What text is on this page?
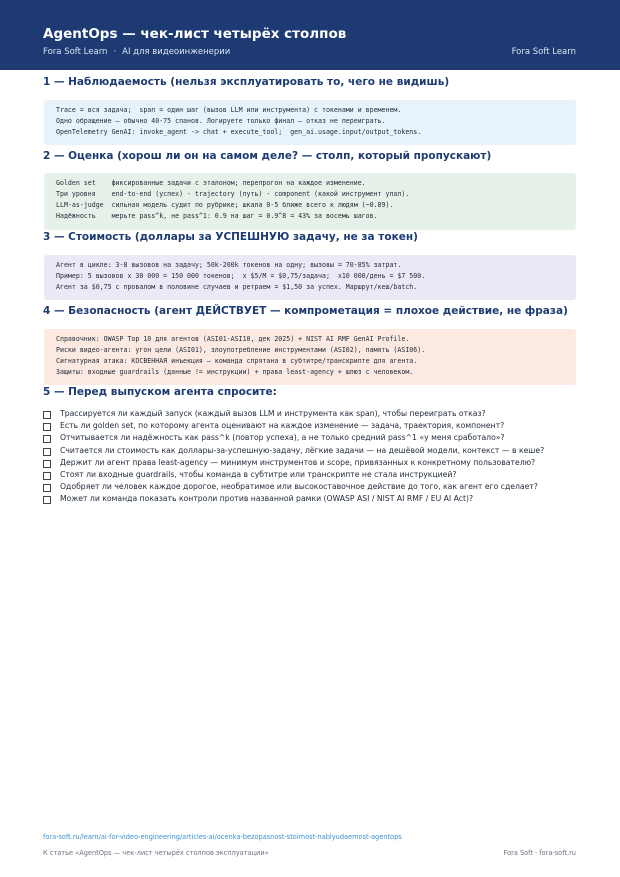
AgentOps — чек-лист четырёх столпов
Fora Soft Learn · AI для видеоинженерии	Fora Soft Learn
1 — Наблюдаемость (нельзя эксплуатировать то, чего не видишь)
Trace = вся задача;  span = один шаг (вызов LLM или инструмента) с токенами и временем.
Одно обращение — обычно 40-75 спанов. Логируете только финал — отказ не переиграть.
OpenTelemetry GenAI: invoke_agent -> chat + execute_tool;  gen_ai.usage.input/output_tokens.
2 — Оценка (хорош ли он на самом деле? — столп, который пропускают)
Golden set    фиксированные задачи с эталоном; перепрогон на каждое изменение.
Три уровня    end-to-end (успех) - trajectory (путь) - component (какой инструмент упал).
LLM-as-judge  сильная модель судит по рубрике; шкала 0-5 ближе всего к людям (~0.89).
Надёжность    мерьте pass^k, не pass^1: 0.9 на шаг = 0.9^8 = 43% за восемь шагов.
3 — Стоимость (доллары за УСПЕШНУЮ задачу, не за токен)
Агент в цикле: 3-8 вызовов на задачу; 50k-200k токенов на одну; вызовы = 70-85% затрат.
Пример: 5 вызовов x 30 000 = 150 000 токенов;  x $5/M = $0,75/задача;  x10 000/день = $7 500.
Агент за $0,75 с провалом в половине случаев и ретраем = $1,50 за успех. Маршрут/кеш/batch.
4 — Безопасность (агент ДЕЙСТВУЕТ — компрометация = плохое действие, не фраза)
Справочник: OWASP Top 10 для агентов (ASI01-ASI10, дек 2025) + NIST AI RMF GenAI Profile.
Риски видео-агента: угон цели (ASI01), злоупотребление инструментами (ASI02), память (ASI06).
Сигнатурная атака: КОСВЕННАЯ инъекция — команда спрятана в субтитре/транскрипте для агента.
Защиты: входные guardrails (данные != инструкции) + права least-agency + шлюз с человеком.
5 — Перед выпуском агента спросите:
Трассируется ли каждый запуск (каждый вызов LLM и инструмента как span), чтобы переиграть отказ?
Есть ли golden set, по которому агента оценивают на каждое изменение — задача, траектория, компонент?
Отчитывается ли надёжность как pass^k (повтор успеха), а не только средний pass^1 «у меня сработало»?
Считается ли стоимость как доллары-за-успешную-задачу, лёгкие задачи — на дешёвой модели, контекст — в кеше?
Держит ли агент права least-agency — минимум инструментов и scope, привязанных к конкретному пользователю?
Стоят ли входные guardrails, чтобы команда в субтитре или транскрипте не стала инструкцией?
Одобряет ли человек каждое дорогое, необратимое или высокоставочное действие до того, как агент его сделает?
Может ли команда показать контроли против названной рамки (OWASP ASI / NIST AI RMF / EU AI Act)?
fora-soft.ru/learn/ai-for-video-engineering/articles-ai/ocenka-bezopasnost-stoimost-nablyudaemost-agentops
К статье «AgentOps — чек-лист четырёх столпов эксплуатации»	Fora Soft · fora-soft.ru
